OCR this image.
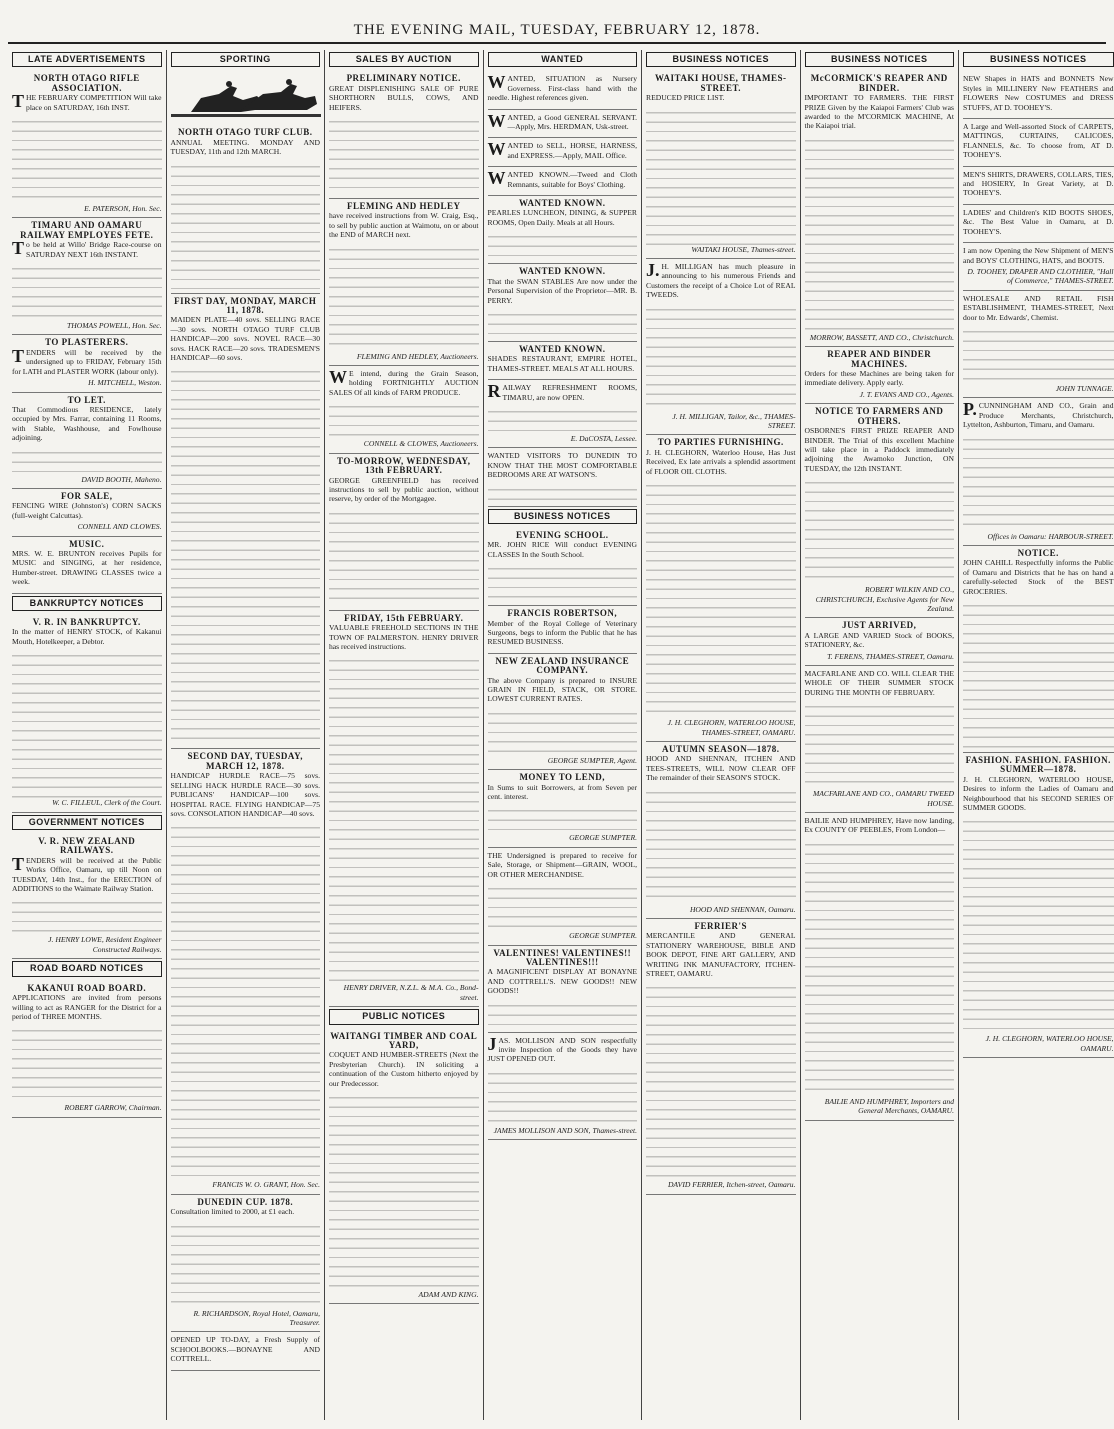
THE EVENING MAIL, TUESDAY, FEBRUARY 12, 1878.
LATE ADVERTISEMENTS
NORTH OTAGO RIFLE ASSOCIATION.

THE FEBRUARY COMPETITION Will take place on SATURDAY, 16th INST.

E. PATERSON, Hon. Sec.
TIMARU AND OAMARU RAILWAY EMPLOYES FETE.

To be held at Willo' Bridge Race-course on SATURDAY NEXT 16th INSTANT.

THOMAS POWELL, Hon. Sec.
TO PLASTERERS.

TENDERS will be received by the undersigned up to FRIDAY, February 15th for LATH and PLASTER WORK (labour only).

H. MITCHELL, Weston.
TO LET.

That Commodious RESIDENCE, lately occupied by Mrs. Farrar, containing 11 Rooms, with Stable, Washhouse, and Fowlhouse adjoining.

DAVID BOOTH, Maheno.
FOR SALE,

FENCING WIRE (Johnston's) CORN SACKS (full-weight Calcuttas).

CONNELL AND CLOWES.
MUSIC.

MRS. W. E. BRUNTON receives Pupils for MUSIC and SINGING, at her residence, Humber-street. DRAWING CLASSES twice a week.

BANKRUPTCY NOTICES
V. R. IN BANKRUPTCY.

In the matter of HENRY STOCK, of Kakanui Mouth, Hotelkeeper, a Debtor.

W. C. FILLEUL, Clerk of the Court.
GOVERNMENT NOTICES
V. R. NEW ZEALAND RAILWAYS.

TENDERS will be received at the Public Works Office, Oamaru, up till Noon on TUESDAY, 14th Inst., for the ERECTION of ADDITIONS to the Waimate Railway Station.

J. HENRY LOWE, Resident Engineer Constructed Railways.
ROAD BOARD NOTICES
KAKANUI ROAD BOARD.

APPLICATIONS are invited from persons willing to act as RANGER for the District for a period of THREE MONTHS.

ROBERT GARROW, Chairman.
SPORTING
NORTH OTAGO TURF CLUB.

ANNUAL MEETING. MONDAY AND TUESDAY, 11th and 12th MARCH.

FIRST DAY, MONDAY, MARCH 11, 1878.

MAIDEN PLATE—40 sovs. SELLING RACE—30 sovs. NORTH OTAGO TURF CLUB HANDICAP—200 sovs. NOVEL RACE—30 sovs. HACK RACE—20 sovs. TRADESMEN'S HANDICAP—60 sovs.

SECOND DAY, TUESDAY, MARCH 12, 1878.

HANDICAP HURDLE RACE—75 sovs. SELLING HACK HURDLE RACE—30 sovs. PUBLICANS' HANDICAP—100 sovs. HOSPITAL RACE. FLYING HANDICAP—75 sovs. CONSOLATION HANDICAP—40 sovs.

FRANCIS W. O. GRANT, Hon. Sec.
DUNEDIN CUP. 1878.

Consultation limited to 2000, at £1 each.

R. RICHARDSON, Royal Hotel, Oamaru, Treasurer.

OPENED UP TO-DAY, a Fresh Supply of SCHOOLBOOKS.—BONAYNE AND COTTRELL.

SALES BY AUCTION
PRELIMINARY NOTICE.

GREAT DISPLENISHING SALE OF PURE SHORTHORN BULLS, COWS, AND HEIFERS.

FLEMING AND HEDLEY

have received instructions from W. Craig, Esq., to sell by public auction at Waimotu, on or about the END of MARCH next.

FLEMING AND HEDLEY, Auctioneers.

WE intend, during the Grain Season, holding FORTNIGHTLY AUCTION SALES Of all kinds of FARM PRODUCE.

CONNELL & CLOWES, Auctioneers.
TO-MORROW, WEDNESDAY, 13th FEBRUARY.

GEORGE GREENFIELD has received instructions to sell by public auction, without reserve, by order of the Mortgagee.

FRIDAY, 15th FEBRUARY.

VALUABLE FREEHOLD SECTIONS IN THE TOWN OF PALMERSTON. HENRY DRIVER has received instructions.

HENRY DRIVER, N.Z.L. & M.A. Co., Bond-street.
PUBLIC NOTICES
WAITANGI TIMBER AND COAL YARD,

COQUET AND HUMBER-STREETS (Next the Presbyterian Church). IN soliciting a continuation of the Custom hitherto enjoyed by our Predecessor.

ADAM AND KING.
WANTED

WANTED, SITUATION as Nursery Governess. First-class hand with the needle. Highest references given.

WANTED, a Good GENERAL SERVANT.—Apply, Mrs. HERDMAN, Usk-street.

WANTED to SELL, HORSE, HARNESS, and EXPRESS.—Apply, MAIL Office.

WANTED KNOWN.—Tweed and Cloth Remnants, suitable for Boys' Clothing.

WANTED KNOWN.

PEARLES LUNCHEON, DINING, & SUPPER ROOMS, Open Daily. Meals at all Hours.

WANTED KNOWN.

That the SWAN STABLES Are now under the Personal Supervision of the Proprietor—MR. B. PERRY.

WANTED KNOWN.

SHADES RESTAURANT, EMPIRE HOTEL, THAMES-STREET. MEALS AT ALL HOURS.

RAILWAY REFRESHMENT ROOMS, TIMARU, are now OPEN.

E. DaCOSTA, Lessee.

WANTED VISITORS TO DUNEDIN TO KNOW THAT THE MOST COMFORTABLE BEDROOMS ARE AT WATSON'S.

BUSINESS NOTICES
EVENING SCHOOL.

MR. JOHN RICE Will conduct EVENING CLASSES In the South School.

FRANCIS ROBERTSON,

Member of the Royal College of Veterinary Surgeons, begs to inform the Public that he has RESUMED BUSINESS.

NEW ZEALAND INSURANCE COMPANY.

The above Company is prepared to INSURE GRAIN IN FIELD, STACK, OR STORE. LOWEST CURRENT RATES.

GEORGE SUMPTER, Agent.
MONEY TO LEND,

In Sums to suit Borrowers, at from Seven per cent. interest.

GEORGE SUMPTER.

THE Undersigned is prepared to receive for Sale, Storage, or Shipment—GRAIN, WOOL, OR OTHER MERCHANDISE.

GEORGE SUMPTER.
VALENTINES! VALENTINES!! VALENTINES!!!

A MAGNIFICENT DISPLAY AT BONAYNE AND COTTRELL'S. NEW GOODS!! NEW GOODS!!

JAS. MOLLISON AND SON respectfully invite Inspection of the Goods they have JUST OPENED OUT.

JAMES MOLLISON AND SON, Thames-street.
BUSINESS NOTICES
WAITAKI HOUSE, THAMES-STREET.

REDUCED PRICE LIST.

WAITAKI HOUSE, Thames-street.

J.H. MILLIGAN has much pleasure in announcing to his numerous Friends and Customers the receipt of a Choice Lot of REAL TWEEDS.

J. H. MILLIGAN, Tailor, &c., THAMES-STREET.
TO PARTIES FURNISHING.

J. H. CLEGHORN, Waterloo House, Has Just Received, Ex late arrivals a splendid assortment of FLOOR OIL CLOTHS.

J. H. CLEGHORN, WATERLOO HOUSE, THAMES-STREET, OAMARU.
AUTUMN SEASON—1878.

HOOD AND SHENNAN, ITCHEN AND TEES-STREETS, WILL NOW CLEAR OFF The remainder of their SEASON'S STOCK.

HOOD AND SHENNAN, Oamaru.
FERRIER'S

MERCANTILE AND GENERAL STATIONERY WAREHOUSE, BIBLE AND BOOK DEPOT, FINE ART GALLERY, AND WRITING INK MANUFACTORY, ITCHEN-STREET, OAMARU.

DAVID FERRIER, Itchen-street, Oamaru.
BUSINESS NOTICES
McCORMICK'S REAPER AND BINDER.

IMPORTANT TO FARMERS. THE FIRST PRIZE Given by the Kaiapoi Farmers' Club was awarded to the M'CORMICK MACHINE, At the Kaiapoi trial.

MORROW, BASSETT, AND CO., Christchurch.
REAPER AND BINDER MACHINES.

Orders for these Machines are being taken for immediate delivery. Apply early.

J. T. EVANS AND CO., Agents.
NOTICE TO FARMERS AND OTHERS.

OSBORNE'S FIRST PRIZE REAPER AND BINDER. The Trial of this excellent Machine will take place in a Paddock immediately adjoining the Awamoko Junction, ON TUESDAY, the 12th INSTANT.

ROBERT WILKIN AND CO., CHRISTCHURCH, Exclusive Agents for New Zealand.
JUST ARRIVED,

A LARGE AND VARIED Stock of BOOKS, STATIONERY, &c.

T. FERENS, THAMES-STREET, Oamaru.

MACFARLANE AND CO. WILL CLEAR THE WHOLE OF THEIR SUMMER STOCK DURING THE MONTH OF FEBRUARY.

MACFARLANE AND CO., OAMARU TWEED HOUSE.

BAILIE AND HUMPHREY, Have now landing, Ex COUNTY OF PEEBLES, From London—

BAILIE AND HUMPHREY, Importers and General Merchants, OAMARU.
BUSINESS NOTICES

NEW Shapes in HATS and BONNETS New Styles in MILLINERY New FEATHERS and FLOWERS New COSTUMES and DRESS STUFFS, AT D. TOOHEY'S.

A Large and Well-assorted Stock of CARPETS, MATTINGS, CURTAINS, CALICOES, FLANNELS, &c. To choose from, AT D. TOOHEY'S.

MEN'S SHIRTS, DRAWERS, COLLARS, TIES, and HOSIERY, In Great Variety, at D. TOOHEY'S.

LADIES' and Children's KID BOOTS SHOES, &c. The Best Value in Oamaru, at D. TOOHEY'S.

I am now Opening the New Shipment of MEN'S and BOYS' CLOTHING, HATS, and BOOTS.

D. TOOHEY, DRAPER AND CLOTHIER, "Hall of Commerce," THAMES-STREET.

WHOLESALE AND RETAIL FISH ESTABLISHMENT, THAMES-STREET, Next door to Mr. Edwards', Chemist.

JOHN TUNNAGE.

P.CUNNINGHAM AND CO., Grain and Produce Merchants, Christchurch, Lyttelton, Ashburton, Timaru, and Oamaru.

Offices in Oamaru: HARBOUR-STREET.
NOTICE.

JOHN CAHILL Respectfully informs the Public of Oamaru and Districts that he has on hand a carefully-selected Stock of the BEST GROCERIES.

FASHION. FASHION. FASHION. SUMMER—1878.

J. H. CLEGHORN, WATERLOO HOUSE, Desires to inform the Ladies of Oamaru and Neighbourhood that his SECOND SERIES OF SUMMER GOODS.

J. H. CLEGHORN, WATERLOO HOUSE, OAMARU.
